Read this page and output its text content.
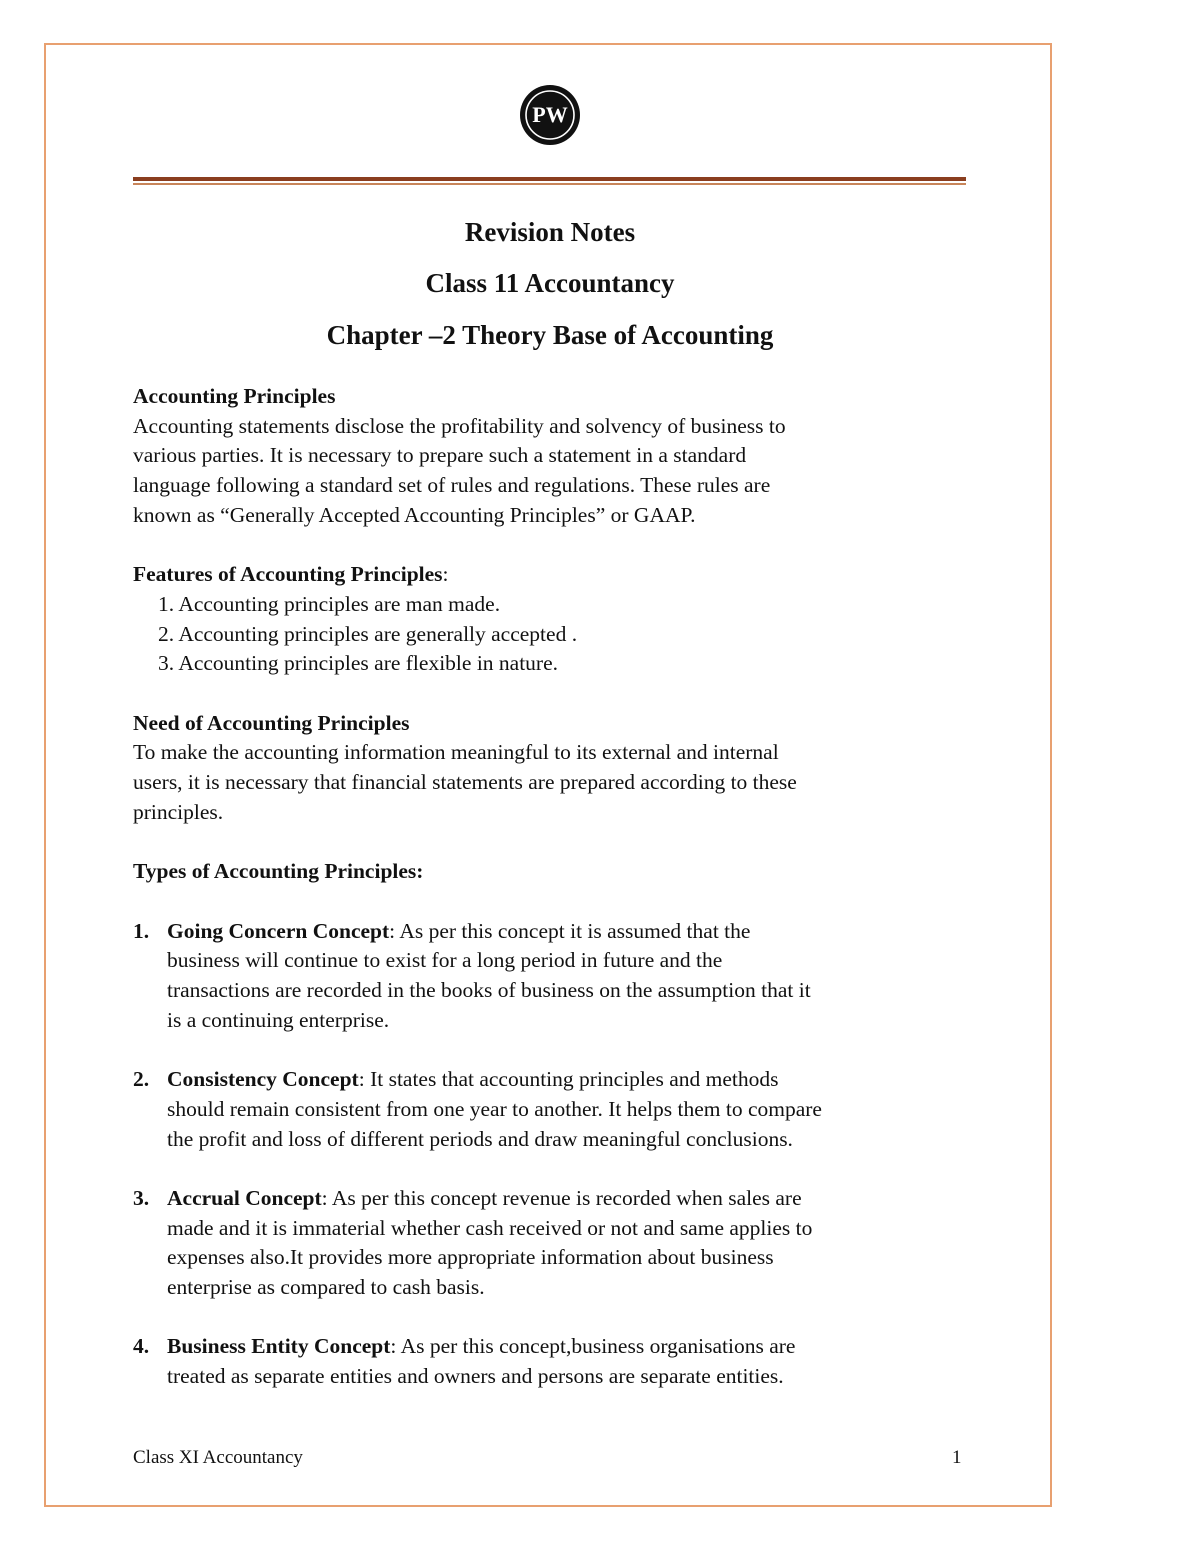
PW
Revision Notes
Class 11 Accountancy
Chapter –2 Theory Base of Accounting

Accounting Principles

Accounting statements disclose the profitability and solvency of business to

various parties. It is necessary to prepare such a statement in a standard

language following a standard set of rules and regulations. These rules are

known as “Generally Accepted Accounting Principles” or GAAP.

Features of Accounting Principles:

1. Accounting principles are man made.
2. Accounting principles are generally accepted .
3. Accounting principles are flexible in nature.

Need of Accounting Principles

To make the accounting information meaningful to its external and internal

users, it is necessary that financial statements are prepared according to these

principles.

Types of Accounting Principles:

1. Going Concern Concept: As per this concept it is assumed that the

business will continue to exist for a long period in future and the

transactions are recorded in the books of business on the assumption that it

is a continuing enterprise.

2. Consistency Concept: It states that accounting principles and methods

should remain consistent from one year to another. It helps them to compare

the profit and loss of different periods and draw meaningful conclusions.

3. Accrual Concept: As per this concept revenue is recorded when sales are

made and it is immaterial whether cash received or not and same applies to

expenses also.It provides more appropriate information about business

enterprise as compared to cash basis.

4. Business Entity Concept: As per this concept,business organisations are

treated as separate entities and owners and persons are separate entities.

Class XI Accountancy	1
